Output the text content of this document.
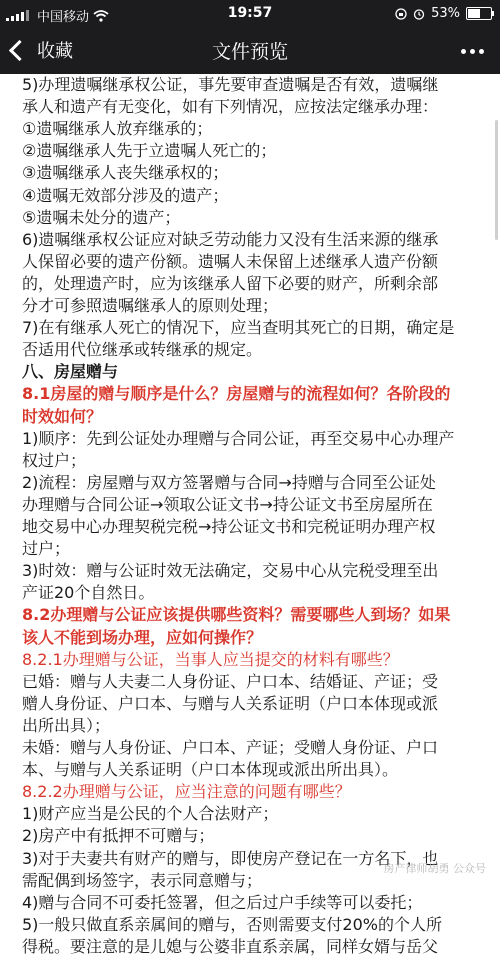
中国移动	19:57	53%
收藏	文件预览
5)办理遗嘱继承权公证，事先要审查遗嘱是否有效，遗嘱继
承人和遗产有无变化，如有下列情况，应按法定继承办理：
①遗嘱继承人放弃继承的；
②遗嘱继承人先于立遗嘱人死亡的；
③遗嘱继承人丧失继承权的；
④遗嘱无效部分涉及的遗产；
⑤遗嘱未处分的遗产；
6)遗嘱继承权公证应对缺乏劳动能力又没有生活来源的继承
人保留必要的遗产份额。遗嘱人未保留上述继承人遗产份额
的，处理遗产时，应为该继承人留下必要的财产，所剩余部
分才可参照遗嘱继承人的原则处理；
7)在有继承人死亡的情况下，应当查明其死亡的日期，确定是
否适用代位继承或转继承的规定。
八、房屋赠与
8.1房屋的赠与顺序是什么？房屋赠与的流程如何？各阶段的
时效如何？
1)顺序：先到公证处办理赠与合同公证，再至交易中心办理产
权过户；
2)流程：房屋赠与双方签署赠与合同→持赠与合同至公证处
办理赠与合同公证→领取公证文书→持公证文书至房屋所在
地交易中心办理契税完税→持公证文书和完税证明办理产权
过户；
3)时效：赠与公证时效无法确定，交易中心从完税受理至出
产证20个自然日。
8.2办理赠与公证应该提供哪些资料？需要哪些人到场？如果
该人不能到场办理，应如何操作？
8.2.1办理赠与公证，当事人应当提交的材料有哪些？
已婚：赠与人夫妻二人身份证、户口本、结婚证、产证；受
赠人身份证、户口本、与赠与人关系证明（户口本体现或派
出所出具）；
未婚：赠与人身份证、户口本、产证；受赠人身份证、户口
本、与赠与人关系证明（户口本体现或派出所出具）。
8.2.2办理赠与公证，应当注意的问题有哪些？
1)财产应当是公民的个人合法财产；
2)房产中有抵押不可赠与；
3)对于夫妻共有财产的赠与，即使房产登记在一方名下，也
需配偶到场签字，表示同意赠与；
4)赠与合同不可委托签署，但之后过户手续等可以委托；
5)一般只做直系亲属间的赠与，否则需要支付20%的个人所
得税。要注意的是儿媳与公婆非直系亲属，同样女婿与岳父
房产律师胡勇 公众号
